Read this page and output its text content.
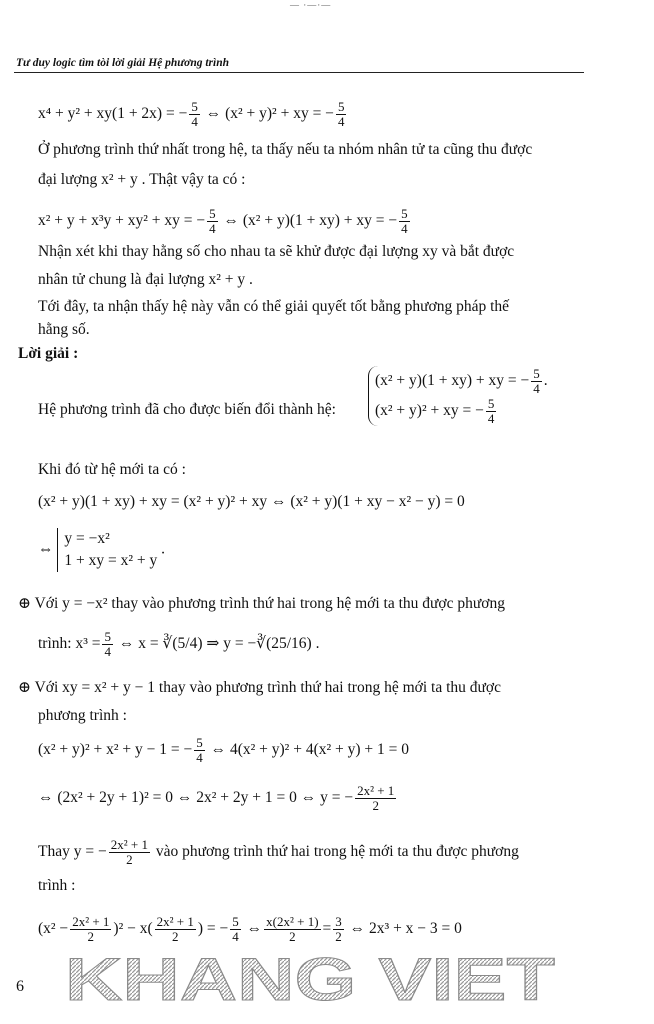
— ·—·—
Tư duy logic tìm tòi lời giải Hệ phương trình
x⁴ + y² + xy(1 + 2x) = − $\frac{5}{4}$ ⇔ (x² + y)² + xy = − $\frac{5}{4}$
Ở phương trình thứ nhất trong hệ, ta thấy nếu ta nhóm nhân tử ta cũng thu được
đại lượng x² + y . Thật vậy ta có :
x² + y + x³y + xy² + xy = − $\frac{5}{4}$ ⇔ (x² + y)(1 + xy) + xy = − $\frac{5}{4}$
Nhận xét khi thay hằng số cho nhau ta sẽ khử được đại lượng xy và bắt được
nhân tử chung là đại lượng x² + y .
Tới đây, ta nhận thấy hệ này vẫn có thể giải quyết tốt bằng phương pháp thế
hằng số.
Lời giải :
Hệ phương trình đã cho được biến đổi thành hệ:
(x² + y)(1 + xy) + xy = − $\frac{5}{4}$ .
(x² + y)² + xy = − $\frac{5}{4}$
Khi đó từ hệ mới ta có :
(x² + y)(1 + xy) + xy = (x² + y)² + xy ⇔ (x² + y)(1 + xy − x² − y) = 0
⇔
y = −x²
1 + xy = x² + y
.
⊕ Với y = −x² thay vào phương trình thứ hai trong hệ mới ta thu được phương
trình: $x^3 = \frac{5}{4}$ ⇔ x = ∛(5/4) ⇒ y = −∛(25/16) .
⊕ Với xy = x² + y − 1 thay vào phương trình thứ hai trong hệ mới ta thu được
phương trình :
(x² + y)² + x² + y − 1 = − $\frac{5}{4}$ ⇔ 4(x² + y)² + 4(x² + y) + 1 = 0
⇔ (2x² + 2y + 1)² = 0 ⇔ 2x² + 2y + 1 = 0 ⇔ y = − $\frac{\text{2x² + 1}}{2}$
Thay y = − $\frac{\text{2x² + 1}}{2}$ vào phương trình thứ hai trong hệ mới ta thu được phương
trình :
$(x^2 - \frac{\text{2x² + 1}}{2} )^2 - x( \frac{\text{2x² + 1}}{2}$ ) = − $\frac{5}{4}$ ⇔ $\frac{\text{x(2x² + 1)}}{2} = \frac{3}{2}$ ⇔ 2x³ + x − 3 = 0
6 KHANG VIET
